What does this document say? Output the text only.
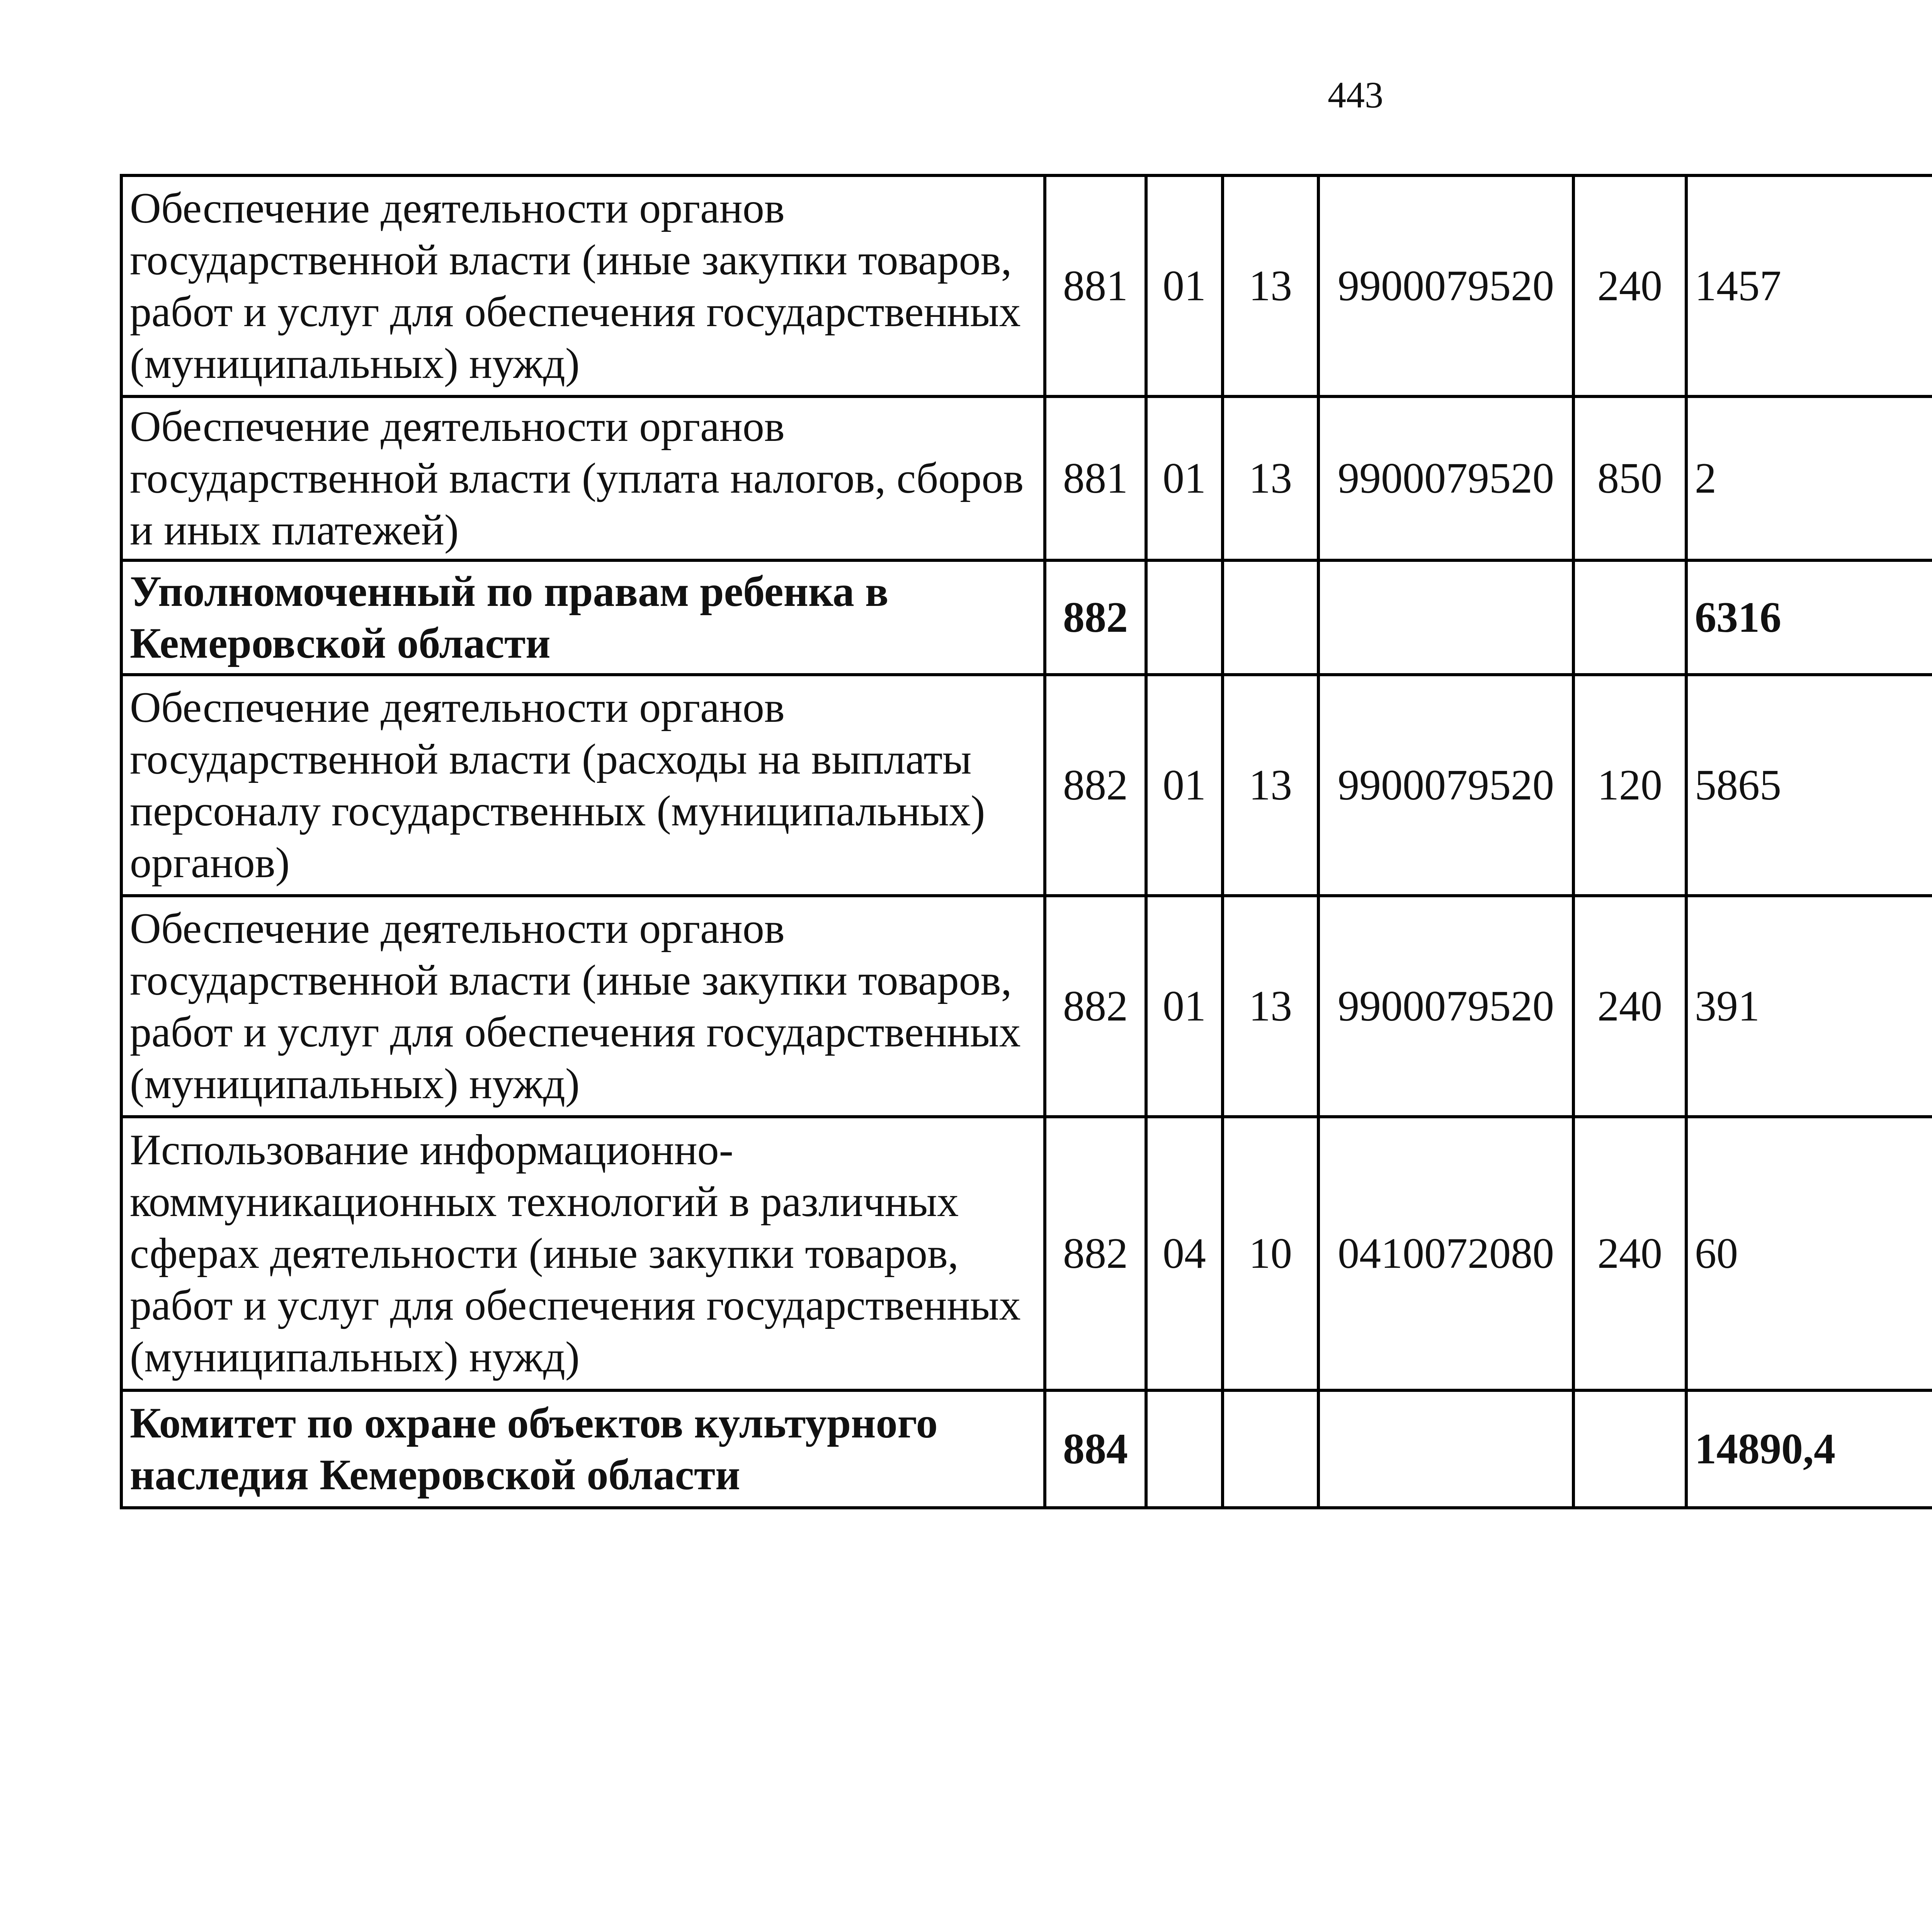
443
Обеспечение деятельности органов государственной власти (иные закупки товаров, работ и услуг для обеспечения государственных (муниципальных) нужд)	881	01	13	9900079520	240	1457		
Обеспечение деятельности органов государственной власти (уплата налогов, сборов и иных платежей)	881	01	13	9900079520	850	2		
Уполномоченный по правам ребенка в Кемеровской области	882					6316		
Обеспечение деятельности органов государственной власти (расходы на выплаты персоналу государственных (муниципальных) органов)	882	01	13	9900079520	120	5865		
Обеспечение деятельности органов государственной власти (иные закупки товаров, работ и услуг для обеспечения государственных (муниципальных) нужд)	882	01	13	9900079520	240	391		
Использование информационно-коммуникационных технологий в различных сферах деятельности (иные закупки товаров, работ и услуг для обеспечения государственных (муниципальных) нужд)	882	04	10	0410072080	240	60		
Комитет по охране объектов культурного наследия Кемеровской области	884					14890,4		
